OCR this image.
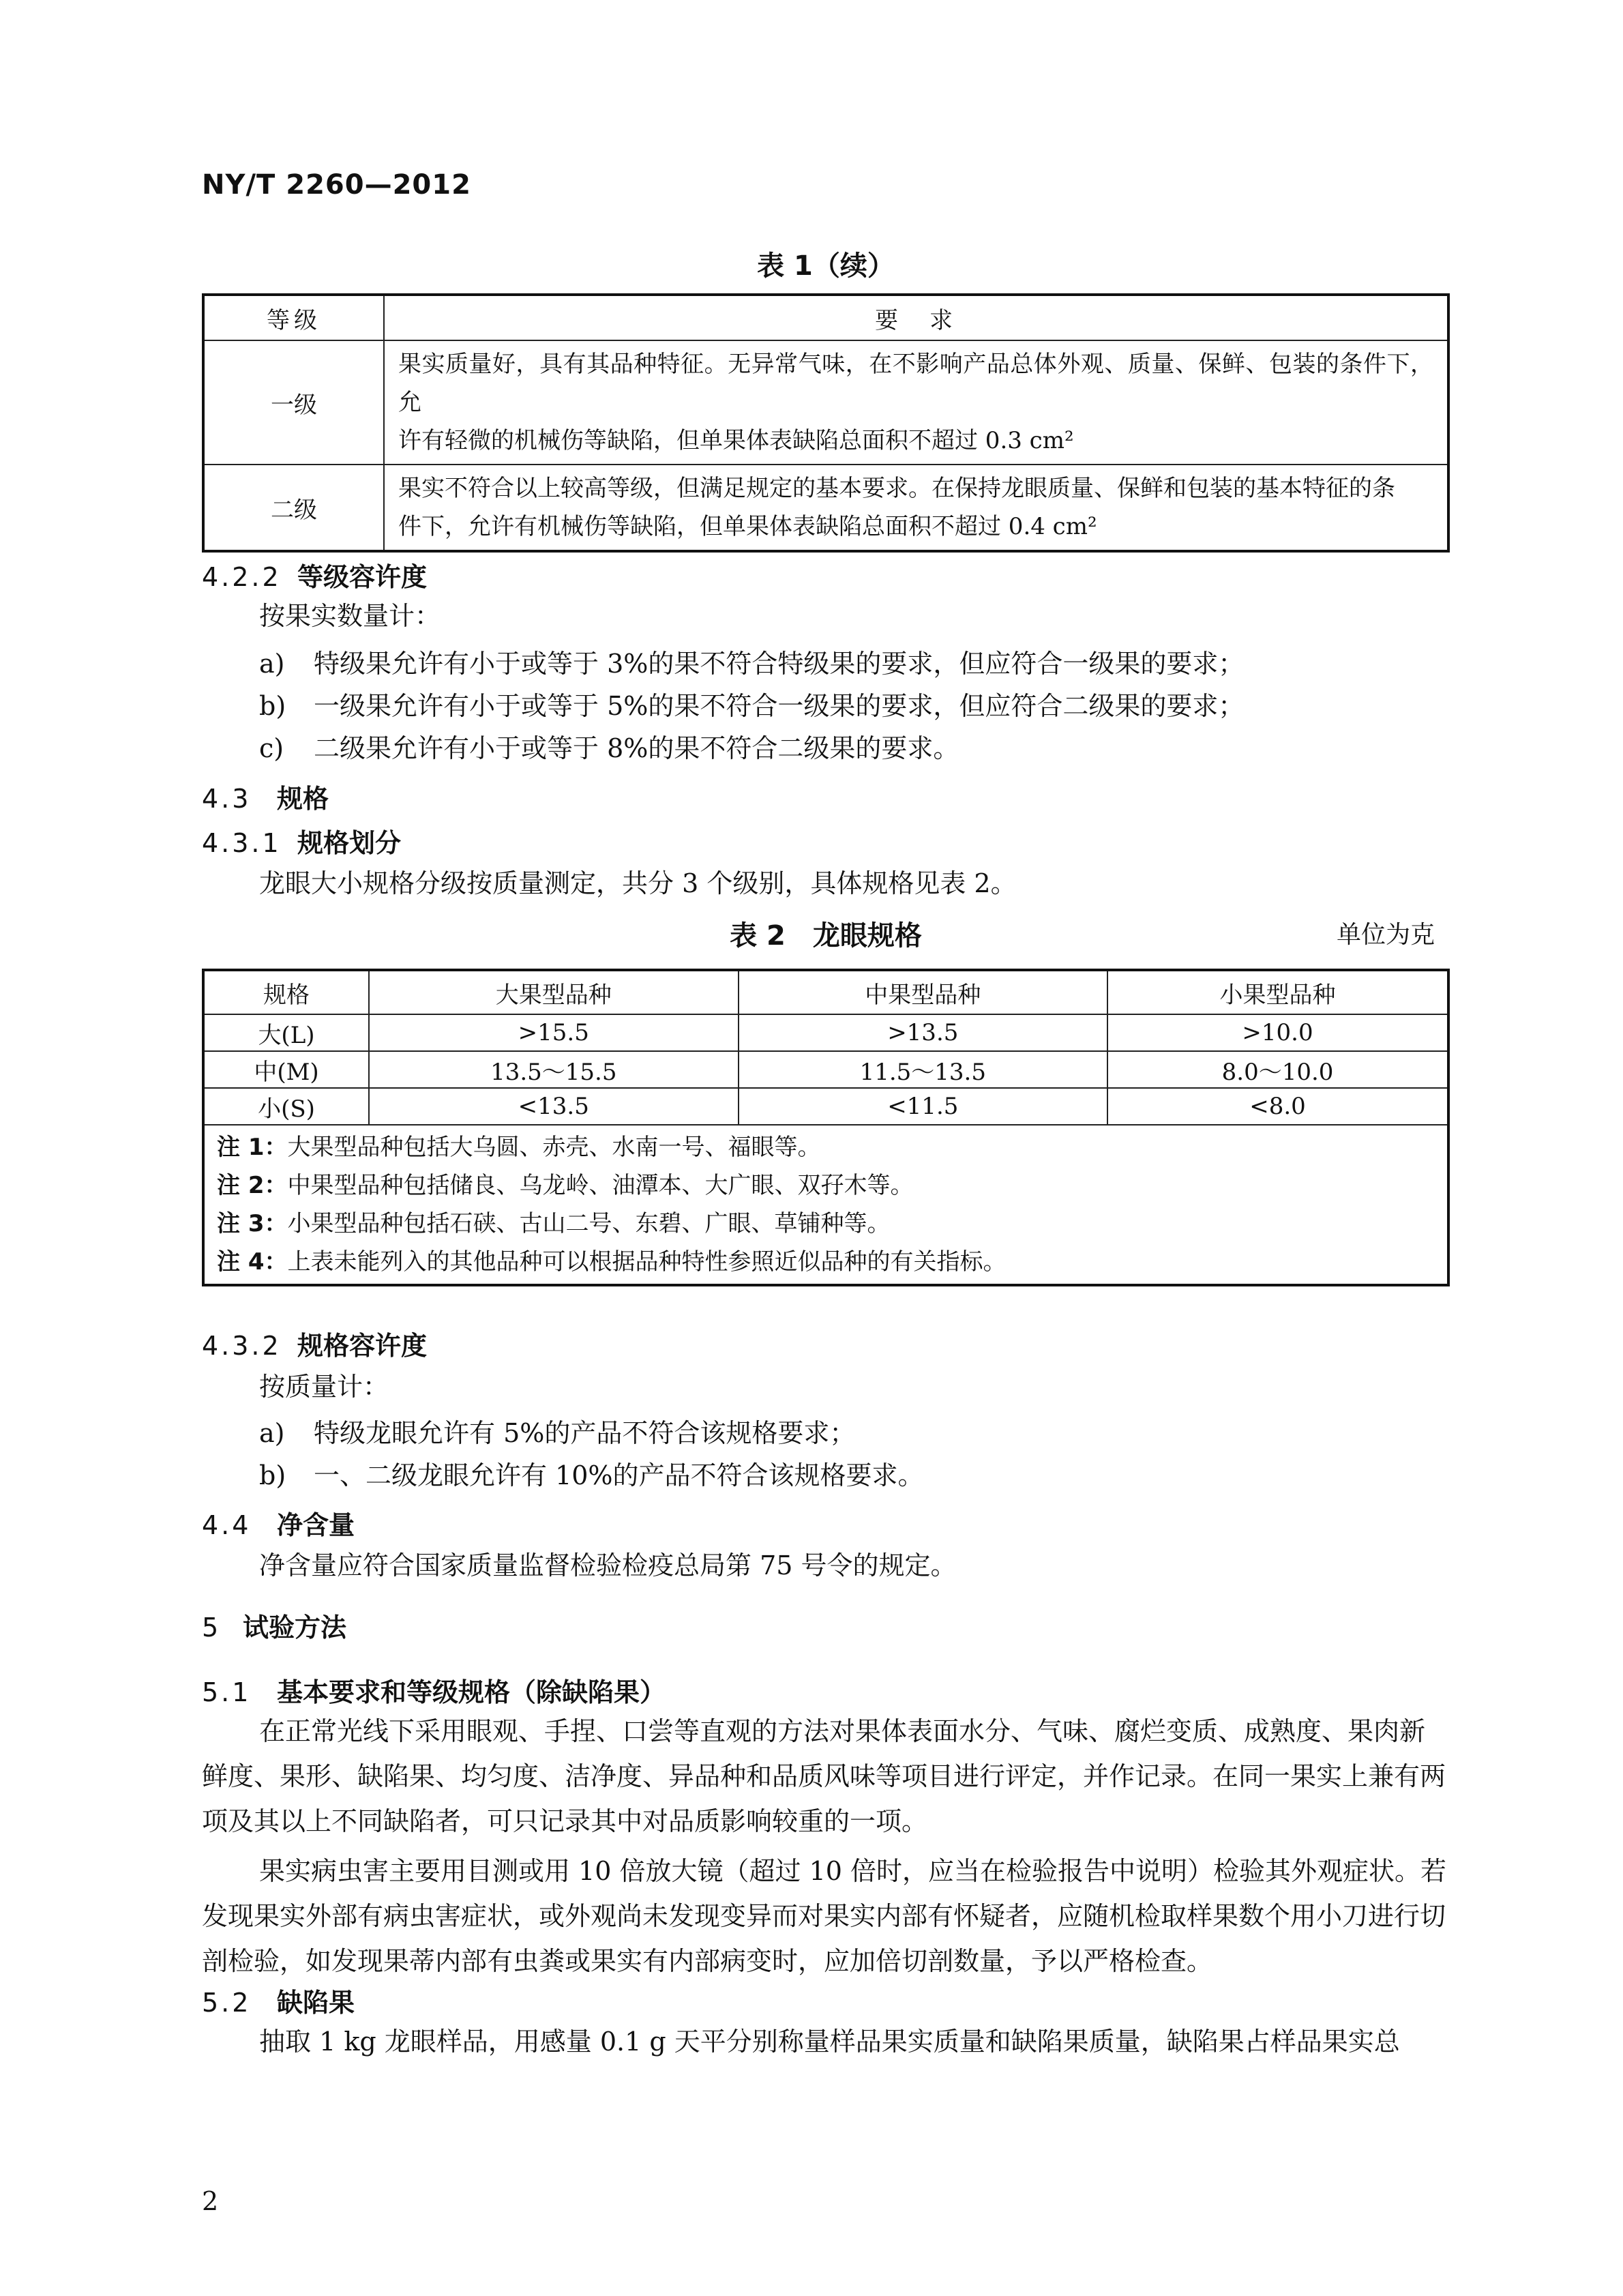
NY/T 2260—2012
表 1（续）
等级	要　求
一级	果实质量好，具有其品种特征。无异常气味，在不影响产品总体外观、质量、保鲜、包装的条件下，允
许有轻微的机械伤等缺陷，但单果体表缺陷总面积不超过 0.3 cm²

二级	果实不符合以上较高等级，但满足规定的基本要求。在保持龙眼质量、保鲜和包装的基本特征的条
件下，允许有机械伤等缺陷，但单果体表缺陷总面积不超过 0.4 cm²
4.2.2 等级容许度
按果实数量计：
a) 特级果允许有小于或等于 3%的果不符合特级果的要求，但应符合一级果的要求；
b) 一级果允许有小于或等于 5%的果不符合一级果的要求，但应符合二级果的要求；
c) 二级果允许有小于或等于 8%的果不符合二级果的要求。
4.3 规格
4.3.1 规格划分
龙眼大小规格分级按质量测定，共分 3 个级别，具体规格见表 2。
表 2　龙眼规格	单位为克
规格	大果型品种	中果型品种	小果型品种
大(L)	>15.5	>13.5	>10.0
中(M)	13.5～15.5	11.5～13.5	8.0～10.0
小(S)	<13.5	<11.5	<8.0

注 1：大果型品种包括大乌圆、赤壳、水南一号、福眼等。
注 2：中果型品种包括储良、乌龙岭、油潭本、大广眼、双孖木等。
注 3：小果型品种包括石硖、古山二号、东碧、广眼、草铺种等。
注 4：上表未能列入的其他品种可以根据品种特性参照近似品种的有关指标。			
4.3.2 规格容许度
按质量计：
a) 特级龙眼允许有 5%的产品不符合该规格要求；
b) 一、二级龙眼允许有 10%的产品不符合该规格要求。
4.4 净含量
净含量应符合国家质量监督检验检疫总局第 75 号令的规定。
5 试验方法
5.1 基本要求和等级规格（除缺陷果）
在正常光线下采用眼观、手捏、口尝等直观的方法对果体表面水分、气味、腐烂变质、成熟度、果肉新鲜度、果形、缺陷果、均匀度、洁净度、异品种和品质风味等项目进行评定，并作记录。在同一果实上兼有两项及其以上不同缺陷者，可只记录其中对品质影响较重的一项。
果实病虫害主要用目测或用 10 倍放大镜（超过 10 倍时，应当在检验报告中说明）检验其外观症状。若发现果实外部有病虫害症状，或外观尚未发现变异而对果实内部有怀疑者，应随机检取样果数个用小刀进行切剖检验，如发现果蒂内部有虫粪或果实有内部病变时，应加倍切剖数量，予以严格检查。
5.2 缺陷果
抽取 1 kg 龙眼样品，用感量 0.1 g 天平分别称量样品果实质量和缺陷果质量，缺陷果占样品果实总
2
